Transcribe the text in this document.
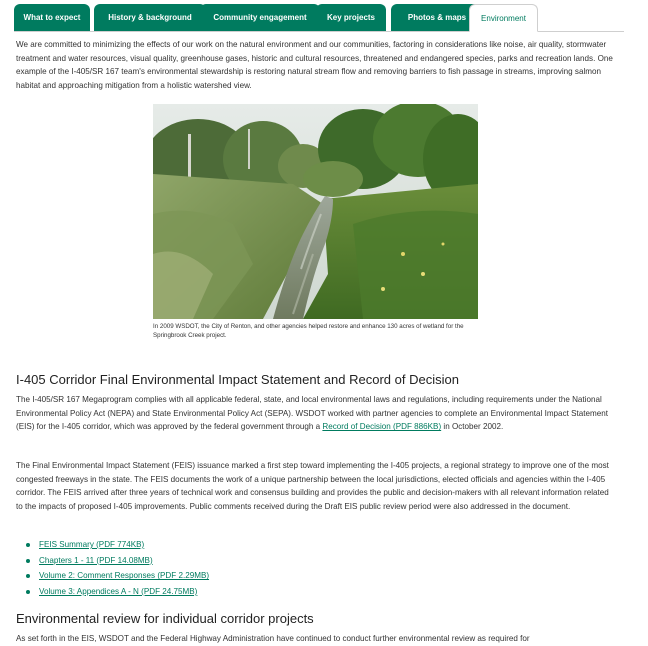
What to expect	History & background	Community engagement	Key projects	Photos & maps	Environment

We are committed to minimizing the effects of our work on the natural environment and our communities, factoring in considerations like noise, air quality, stormwater treatment and water resources, visual quality, greenhouse gases, historic and cultural resources, threatened and endangered species, parks and recreation lands. One example of the I-405/SR 167 team's environmental stewardship is restoring natural stream flow and removing barriers to fish passage in streams, improving salmon habitat and approaching mitigation from a holistic watershed view.

In 2009 WSDOT, the City of Renton, and other agencies helped restore and enhance 130 acres of wetland for the Springbrook Creek project.

I-405 Corridor Final Environmental Impact Statement and Record of Decision

The I-405/SR 167 Megaprogram complies with all applicable federal, state, and local environmental laws and regulations, including requirements under the National Environmental Policy Act (NEPA) and State Environmental Policy Act (SEPA). WSDOT worked with partner agencies to complete an Environmental Impact Statement (EIS) for the I-405 corridor, which was approved by the federal government through a Record of Decision (PDF 886KB) in October 2002.

The Final Environmental Impact Statement (FEIS) issuance marked a first step toward implementing the I-405 projects, a regional strategy to improve one of the most congested freeways in the state. The FEIS documents the work of a unique partnership between the local jurisdictions, elected officials and agencies within the I-405 corridor. The FEIS arrived after three years of technical work and consensus building and provides the public and decision-makers with all relevant information related to the impacts of proposed I-405 improvements. Public comments received during the Draft EIS public review period were also addressed in the document.

FEIS Summary (PDF 774KB)
Chapters 1 - 11 (PDF 14.08MB)
Volume 2: Comment Responses (PDF 2.29MB)
Volume 3: Appendices A - N (PDF 24.75MB)
Environmental review for individual corridor projects

As set forth in the EIS, WSDOT and the Federal Highway Administration have continued to conduct further environmental review as required for
